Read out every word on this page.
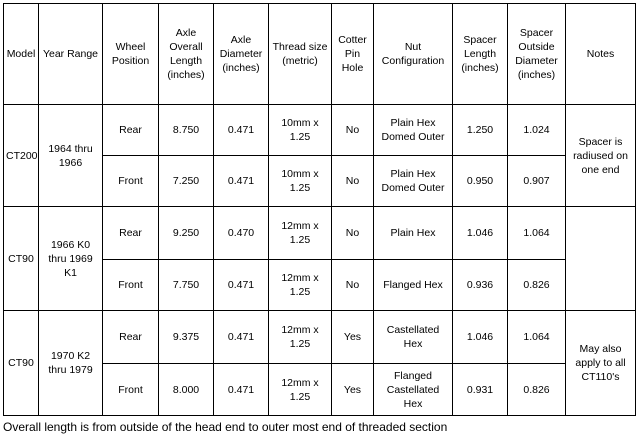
Model	Year Range	Wheel Position	Axle Overall Length (inches)	Axle Diameter (inches)	Thread size (metric)	Cotter Pin Hole	Nut Configuration	Spacer Length (inches)	Spacer Outside Diameter (inches)	Notes
CT200	1964 thru 1966	Rear	8.750	0.471	10mm x 1.25	No	Plain Hex Domed Outer	1.250	1.024	Spacer is radiused on one end
		Front	7.250	0.471	10mm x 1.25	No	Plain Hex Domed Outer	0.950	0.907	
CT90	1966 K0 thru 1969 K1	Rear	9.250	0.470	12mm x 1.25	No	Plain Hex	1.046	1.064	
		Front	7.750	0.471	12mm x 1.25	No	Flanged Hex	0.936	0.826	
CT90	1970 K2 thru 1979	Rear	9.375	0.471	12mm x 1.25	Yes	Castellated Hex	1.046	1.064	May also apply to all CT110's
		Front	8.000	0.471	12mm x 1.25	Yes	Flanged Castellated Hex	0.931	0.826	
Overall length is from outside of the head end to outer most end of threaded section
